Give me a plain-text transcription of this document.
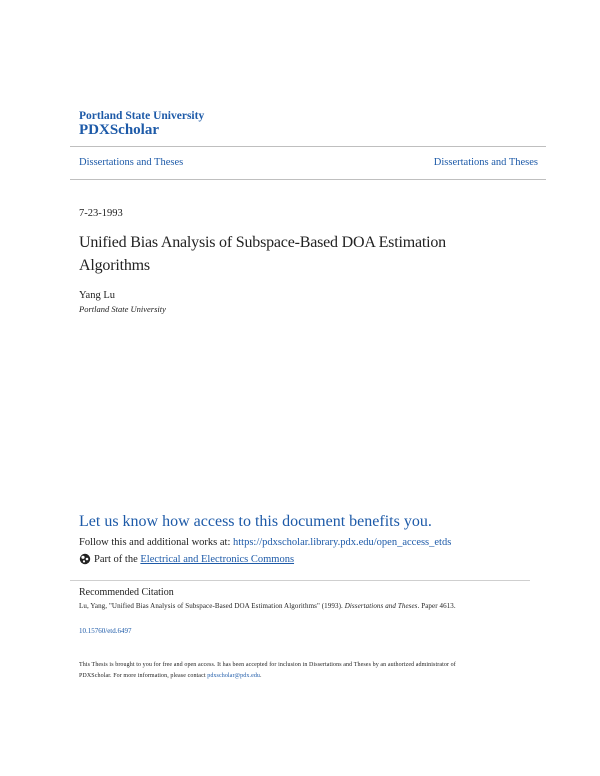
Portland State University
PDXScholar
Dissertations and Theses	Dissertations and Theses
7-23-1993
Unified Bias Analysis of Subspace-Based DOA Estimation Algorithms
Yang Lu
Portland State University
Let us know how access to this document benefits you.
Follow this and additional works at: https://pdxscholar.library.pdx.edu/open_access_etds
Part of the
Electrical and Electronics Commons
Recommended Citation
Lu, Yang, "Unified Bias Analysis of Subspace-Based DOA Estimation Algorithms" (1993). Dissertations and Theses. Paper 4613.
10.15760/etd.6497
This Thesis is brought to you for free and open access. It has been accepted for inclusion in Dissertations and Theses by an authorized administrator of
PDXScholar. For more information, please contact pdxscholar@pdx.edu.
